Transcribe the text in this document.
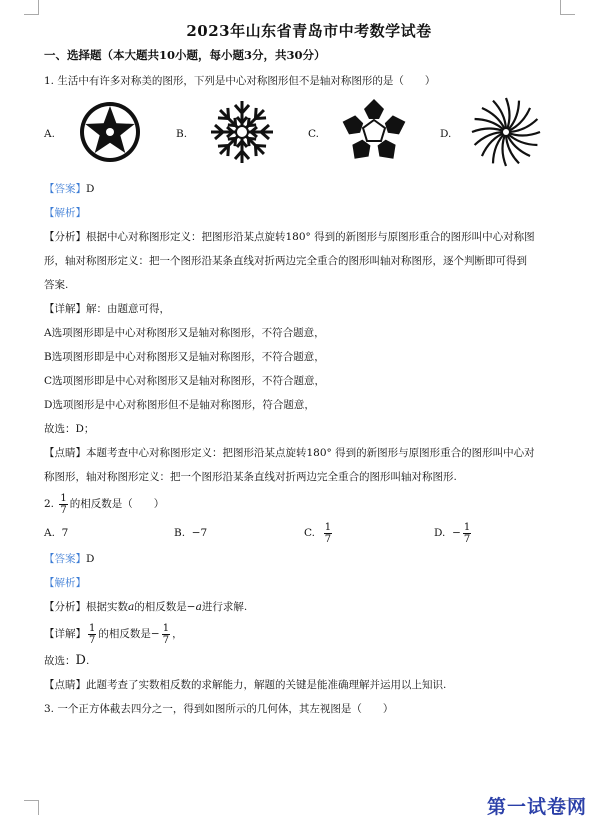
2023年山东省青岛市中考数学试卷
一、选择题（本大题共10小题，每小题3分，共30分）
1. 生活中有许多对称美的图形，下列是中心对称图形但不是轴对称图形的是（　　）
A.	B.	C.	D.
【答案】D
【解析】
【分析】根据中心对称图形定义：把图形沿某点旋转180° 得到的新图形与原图形重合的图形叫中心对称图
形，轴对称图形定义：把一个图形沿某条直线对折两边完全重合的图形叫轴对称图形，逐个判断即可得到
答案.
【详解】解：由题意可得，
A选项图形即是中心对称图形又是轴对称图形，不符合题意，
B选项图形即是中心对称图形又是轴对称图形，不符合题意，
C选项图形即是中心对称图形又是轴对称图形，不符合题意，
D选项图形是中心对称图形但不是轴对称图形，符合题意，
故选：D；
【点睛】本题考查中心对称图形定义：把图形沿某点旋转180° 得到的新图形与原图形重合的图形叫中心对
称图形，轴对称图形定义：把一个图形沿某条直线对折两边完全重合的图形叫轴对称图形.
2. $\frac{1}{7}$ 的相反数是（　　）
A.
7	B.
−7	C.
$\frac{1}{7}$	D.
− $\frac{1}{7}$
【答案】D
【解析】
【分析】根据实数a的相反数是−a进行求解.
【详解】 $\frac{1}{7}$ 的相反数是− $\frac{1}{7}$ ，
故选：D.
【点睛】此题考查了实数相反数的求解能力，解题的关键是能准确理解并运用以上知识.
3. 一个正方体截去四分之一，得到如图所示的几何体，其左视图是（　　）
第一试卷网
